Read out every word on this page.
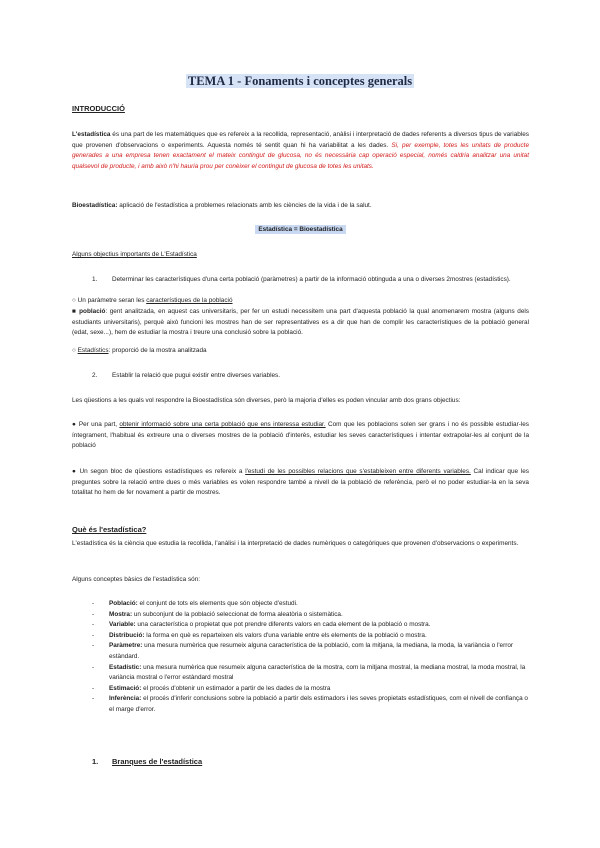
TEMA 1 - Fonaments i conceptes generals
INTRODUCCIÓ
L'estadística és una part de les matemàtiques que es refereix a la recollida, representació, anàlisi i interpretació de dades referents a diversos tipus de variables que provenen d'observacions o experiments. Aquesta només té sentit quan hi ha variabilitat a les dades. Si, per exemple, totes les unitats de producte generades a una empresa tenen exactament el mateix contingut de glucosa, no és necessària cap operació especial, només caldria analitzar una unitat qualsevol de producte, i amb això n'hi hauria prou per conèixer el contingut de glucosa de totes les unitats.
Bioestadística: aplicació de l'estadística a problemes relacionats amb les ciències de la vida i de la salut.
Estadística = Bioestadística
Alguns objectius importants de L'Estadística
1.	Determinar les característiques d'una certa població (paràmetres) a partir de la informació obtinguda a una o diverses 2mostres (estadístics).
○ Un paràmetre seran les característiques de la població
■ població: gent analitzada, en aquest cas universitaris, per fer un estudi necessitem una part d'aquesta població la qual anomenarem mostra (alguns dels estudiants universitaris), perquè això funcioni les mostres han de ser representatives es a dir que han de complir les característiques de la població general (edat, sexe...), hem de estudiar la mostra i treure una conclusió sobre la població.
○ Estadístics: proporció de la mostra analitzada
2.	Establir la relació que pugui existir entre diverses variables.
Les qüestions a les quals vol respondre la Bioestadística són diverses, però la majoria d'elles es poden vincular amb dos grans objectius:
● Per una part, obtenir informació sobre una certa població que ens interessa estudiar. Com que les poblacions solen ser grans i no és possible estudiar-les íntegrament, l'habitual és extreure una o diverses mostres de la població d'interès, estudiar les seves característiques i intentar extrapolar-les al conjunt de la població
● Un segon bloc de qüestions estadístiques es refereix a l'estudi de les possibles relacions que s'estableixen entre diferents variables. Cal indicar que les preguntes sobre la relació entre dues o més variables es volen respondre també a nivell de la població de referència, però el no poder estudiar-la en la seva totalitat ho hem de fer novament a partir de mostres.
Què és l'estadística?
L'estadística és la ciència que estudia la recollida, l'anàlisi i la interpretació de dades numèriques o categòriques que provenen d'observacions o experiments.
Alguns conceptes bàsics de l'estadística són:
- Població: el conjunt de tots els elements que són objecte d'estudi.
- Mostra: un subconjunt de la població seleccionat de forma aleatòria o sistemàtica.
- Variable: una característica o propietat que pot prendre diferents valors en cada element de la població o mostra.
- Distribució: la forma en què es reparteixen els valors d'una variable entre els elements de la població o mostra.
- Paràmetre: una mesura numèrica que resumeix alguna característica de la població, com la mitjana, la mediana, la moda, la variància o l'error estàndard.
- Estadístic: una mesura numèrica que resumeix alguna característica de la mostra, com la mitjana mostral, la mediana mostral, la moda mostral, la variància mostral o l'error estàndard mostral
- Estimació: el procés d'obtenir un estimador a partir de les dades de la mostra
- Inferència: el procés d'inferir conclusions sobre la població a partir dels estimadors i les seves propietats estadístiques, com el nivell de confiança o el marge d'error.
1. Branques de l'estadística
